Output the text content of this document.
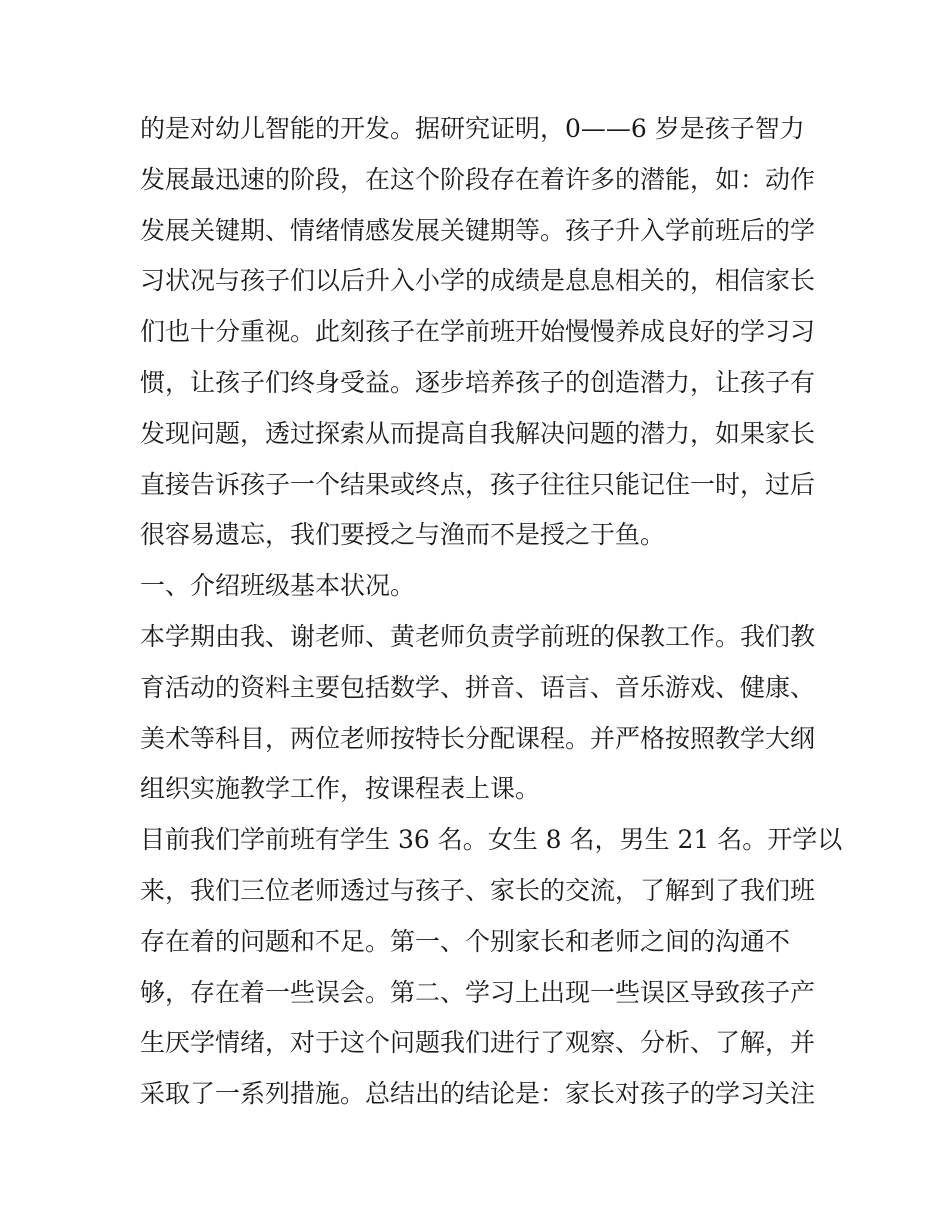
的是对幼儿智能的开发。据研究证明，0——6 岁是孩子智力
发展最迅速的阶段，在这个阶段存在着许多的潜能，如：动作
发展关键期、情绪情感发展关键期等。孩子升入学前班后的学
习状况与孩子们以后升入小学的成绩是息息相关的，相信家长
们也十分重视。此刻孩子在学前班开始慢慢养成良好的学习习
惯，让孩子们终身受益。逐步培养孩子的创造潜力，让孩子有
发现问题，透过探索从而提高自我解决问题的潜力，如果家长
直接告诉孩子一个结果或终点，孩子往往只能记住一时，过后
很容易遗忘，我们要授之与渔而不是授之于鱼。
一、介绍班级基本状况。
本学期由我、谢老师、黄老师负责学前班的保教工作。我们教
育活动的资料主要包括数学、拼音、语言、音乐游戏、健康、
美术等科目，两位老师按特长分配课程。并严格按照教学大纲
组织实施教学工作，按课程表上课。
目前我们学前班有学生 36 名。女生 8 名，男生 21 名。开学以
来，我们三位老师透过与孩子、家长的交流，了解到了我们班
存在着的问题和不足。第一、个别家长和老师之间的沟通不
够，存在着一些误会。第二、学习上出现一些误区导致孩子产
生厌学情绪，对于这个问题我们进行了观察、分析、了解，并
采取了一系列措施。总结出的结论是：家长对孩子的学习关注
